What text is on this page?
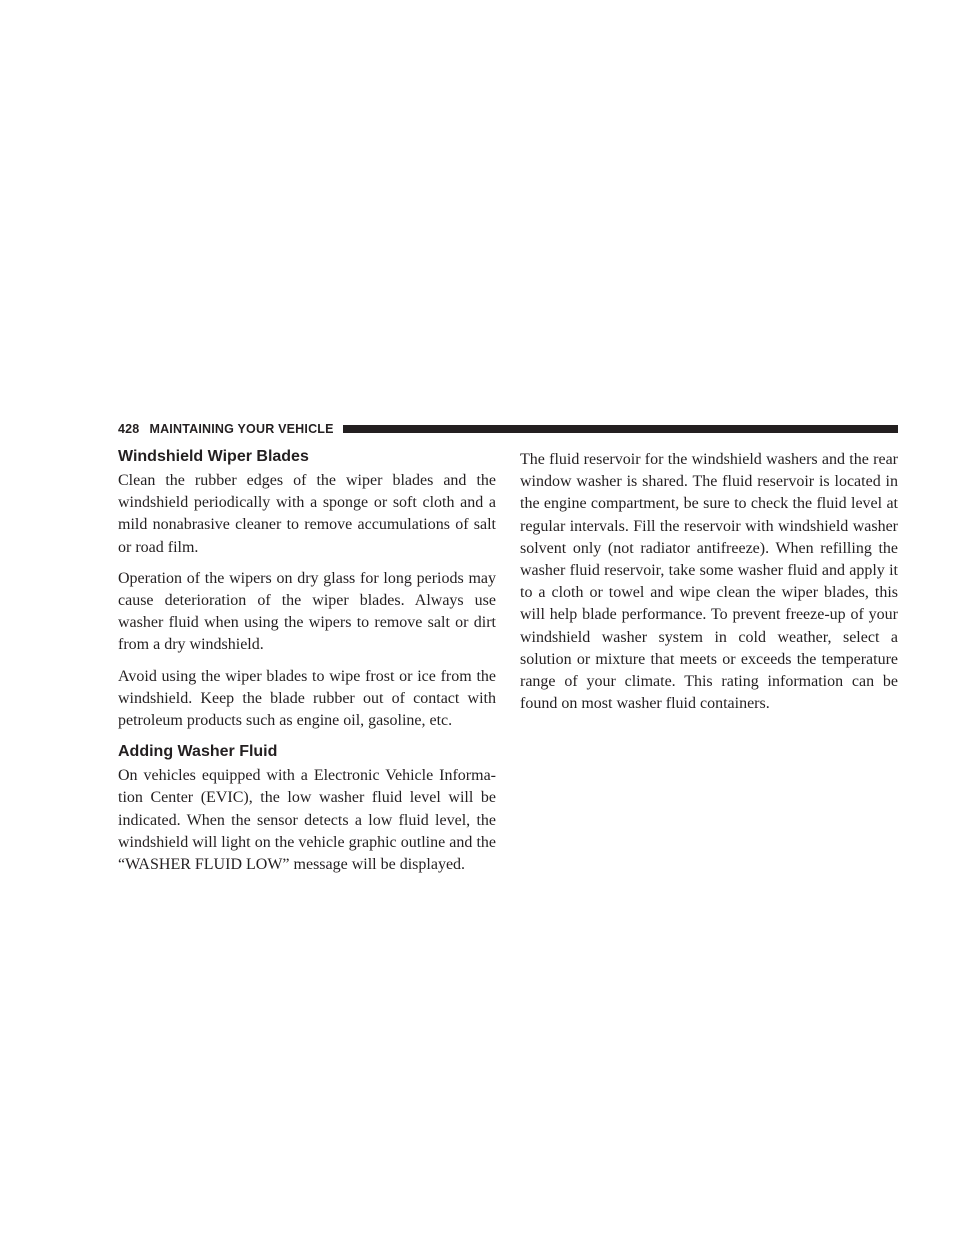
428 MAINTAINING YOUR VEHICLE
Windshield Wiper Blades

Clean the rubber edges of the wiper blades and the windshield periodically with a sponge or soft cloth and a mild nonabrasive cleaner to remove accumulations of salt or road film.

Operation of the wipers on dry glass for long periods may cause deterioration of the wiper blades. Always use washer fluid when using the wipers to remove salt or dirt from a dry windshield.

Avoid using the wiper blades to wipe frost or ice from the windshield. Keep the blade rubber out of contact with petroleum products such as engine oil, gasoline, etc.

Adding Washer Fluid

On vehicles equipped with a Electronic Vehicle Informa-tion Center (EVIC), the low washer fluid level will be indicated. When the sensor detects a low fluid level, the windshield will light on the vehicle graphic outline and the “WASHER FLUID LOW” message will be displayed.

The fluid reservoir for the windshield washers and the rear window washer is shared. The fluid reservoir is located in the engine compartment, be sure to check the fluid level at regular intervals. Fill the reservoir with windshield washer solvent only (not radiator antifreeze). When refilling the washer fluid reservoir, take some washer fluid and apply it to a cloth or towel and wipe clean the wiper blades, this will help blade performance. To prevent freeze-up of your windshield washer system in cold weather, select a solution or mixture that meets or exceeds the temperature range of your climate. This rating information can be found on most washer fluid containers.
